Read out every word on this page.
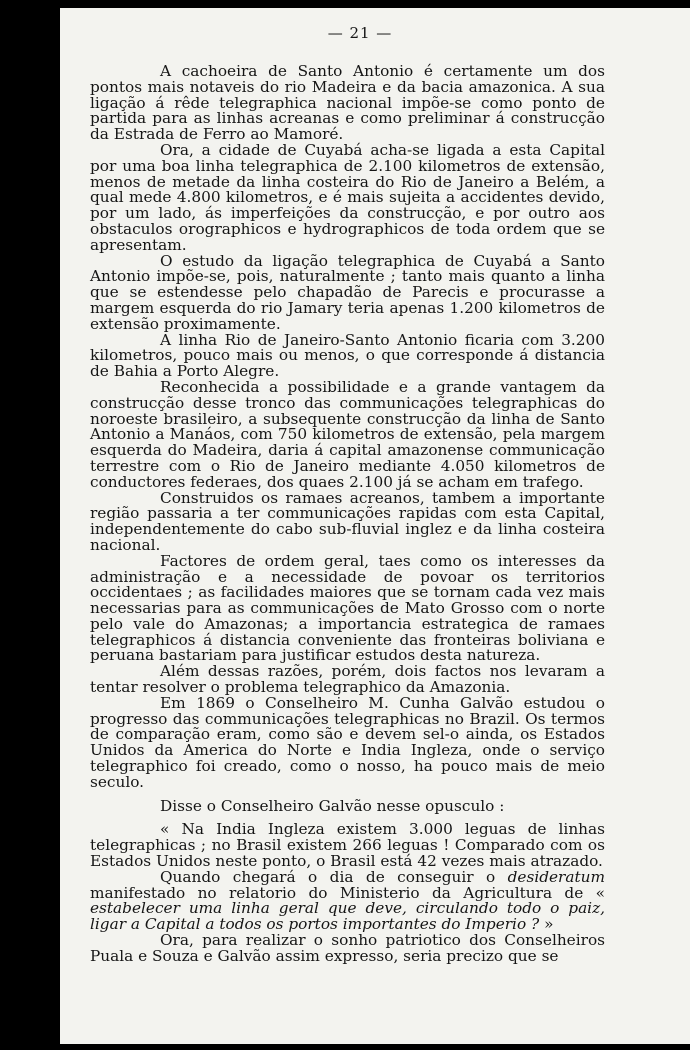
— 21 —

A cachoeira de Santo Antonio é certamente um dos pontos mais notaveis do rio Madeira e da bacia amazonica. A sua ligação á rêde telegraphica nacional impõe-se como ponto de partida para as linhas acreanas e como preliminar á construcção da Estrada de Ferro ao Mamoré.

Ora, a cidade de Cuyabá acha-se ligada a esta Capital por uma boa linha telegraphica de 2.100 kilometros de extensão, menos de metade da linha costeira do Rio de Janeiro a Belém, a qual mede 4.800 kilometros, e é mais sujeita a accidentes devido, por um lado, ás imperfeições da construcção, e por outro aos obstaculos orographicos e hydrographicos de toda ordem que se apresentam.

O estudo da ligação telegraphica de Cuyabá a Santo Antonio impõe-se, pois, naturalmente ; tanto mais quanto a linha que se estendesse pelo chapadão de Parecis e procurasse a margem esquerda do rio Jamary teria apenas 1.200 kilometros de extensão proximamente.

A linha Rio de Janeiro-Santo Antonio ficaria com 3.200 kilometros, pouco mais ou menos, o que corresponde á distancia de Bahia a Porto Alegre.

Reconhecida a possibilidade e a grande vantagem da construcção desse tronco das communicações telegraphicas do noroeste brasileiro, a subsequente construcção da linha de Santo Antonio a Manáos, com 750 kilometros de extensão, pela margem esquerda do Madeira, daria á capital amazonense communicação terrestre com o Rio de Janeiro mediante 4.050 kilometros de conductores federaes, dos quaes 2.100 já se acham em trafego.

Construidos os ramaes acreanos, tambem a importante região passaria a ter communicações rapidas com esta Capital, independentemente do cabo sub-fluvial inglez e da linha costeira nacional.

Factores de ordem geral, taes como os interesses da administração e a necessidade de povoar os territorios occidentaes ; as facilidades maiores que se tornam cada vez mais necessarias para as communicações de Mato Grosso com o norte pelo vale do Amazonas; a importancia estrategica de ramaes telegraphicos á distancia conveniente das fronteiras boliviana e peruana bastariam para justificar estudos desta natureza.

Além dessas razões, porém, dois factos nos levaram a tentar resolver o problema telegraphico da Amazonia.

Em 1869 o Conselheiro M. Cunha Galvão estudou o progresso das communicações telegraphicas no Brazil. Os termos de comparação eram, como são e devem sel-o ainda, os Estados Unidos da America do Norte e India Ingleza, onde o serviço telegraphico foi creado, como o nosso, ha pouco mais de meio seculo.

Disse o Conselheiro Galvão nesse opusculo :

« Na India Ingleza existem 3.000 leguas de linhas telegraphicas ; no Brasil existem 266 leguas ! Comparado com os Estados Unidos neste ponto, o Brasil está 42 vezes mais atrazado.

Quando chegará o dia de conseguir o desideratum manifestado no relatorio do Ministerio da Agricultura de « estabelecer uma linha geral que deve, circulando todo o paiz, ligar a Capital a todos os portos importantes do Imperio ? »

Ora, para realizar o sonho patriotico dos Conselheiros Puala e Souza e Galvão assim expresso, seria precizo que se
